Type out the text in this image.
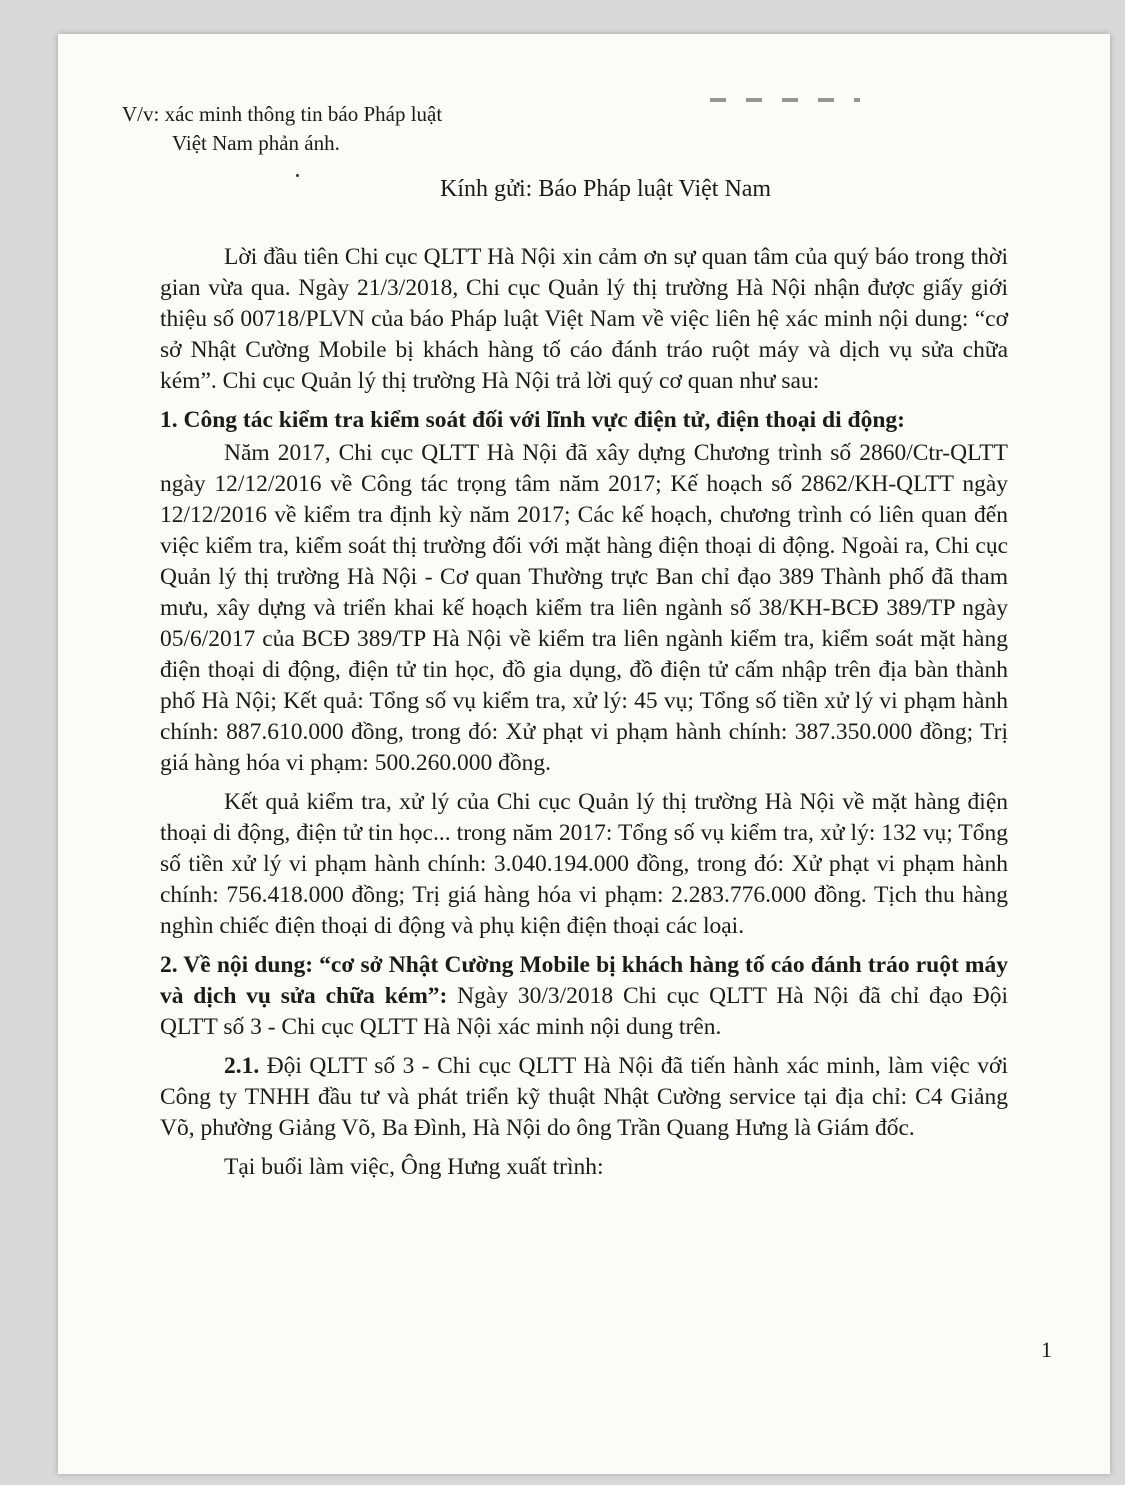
V/v: xác minh thông tin báo Pháp luật
Việt Nam phản ánh.
Kính gửi: Báo Pháp luật Việt Nam

Lời đầu tiên Chi cục QLTT Hà Nội xin cảm ơn sự quan tâm của quý báo trong thời gian vừa qua. Ngày 21/3/2018, Chi cục Quản lý thị trường Hà Nội nhận được giấy giới thiệu số 00718/PLVN của báo Pháp luật Việt Nam về việc liên hệ xác minh nội dung: “cơ sở Nhật Cường Mobile bị khách hàng tố cáo đánh tráo ruột máy và dịch vụ sửa chữa kém”. Chi cục Quản lý thị trường Hà Nội trả lời quý cơ quan như sau:

1. Công tác kiểm tra kiểm soát đối với lĩnh vực điện tử, điện thoại di động:

Năm 2017, Chi cục QLTT Hà Nội đã xây dựng Chương trình số 2860/Ctr-QLTT ngày 12/12/2016 về Công tác trọng tâm năm 2017; Kế hoạch số 2862/KH-QLTT ngày 12/12/2016 về kiểm tra định kỳ năm 2017; Các kế hoạch, chương trình có liên quan đến việc kiểm tra, kiểm soát thị trường đối với mặt hàng điện thoại di động. Ngoài ra, Chi cục Quản lý thị trường Hà Nội - Cơ quan Thường trực Ban chỉ đạo 389 Thành phố đã tham mưu, xây dựng và triển khai kế hoạch kiểm tra liên ngành số 38/KH-BCĐ 389/TP ngày 05/6/2017 của BCĐ 389/TP Hà Nội về kiểm tra liên ngành kiểm tra, kiểm soát mặt hàng điện thoại di động, điện tử tin học, đồ gia dụng, đồ điện tử cấm nhập trên địa bàn thành phố Hà Nội; Kết quả: Tổng số vụ kiểm tra, xử lý: 45 vụ; Tổng số tiền xử lý vi phạm hành chính: 887.610.000 đồng, trong đó: Xử phạt vi phạm hành chính: 387.350.000 đồng; Trị giá hàng hóa vi phạm: 500.260.000 đồng.

Kết quả kiểm tra, xử lý của Chi cục Quản lý thị trường Hà Nội về mặt hàng điện thoại di động, điện tử tin học... trong năm 2017: Tổng số vụ kiểm tra, xử lý: 132 vụ; Tổng số tiền xử lý vi phạm hành chính: 3.040.194.000 đồng, trong đó: Xử phạt vi phạm hành chính: 756.418.000 đồng; Trị giá hàng hóa vi phạm: 2.283.776.000 đồng. Tịch thu hàng nghìn chiếc điện thoại di động và phụ kiện điện thoại các loại.

2. Về nội dung: “cơ sở Nhật Cường Mobile bị khách hàng tố cáo đánh tráo ruột máy và dịch vụ sửa chữa kém”: Ngày 30/3/2018 Chi cục QLTT Hà Nội đã chỉ đạo Đội QLTT số 3 - Chi cục QLTT Hà Nội xác minh nội dung trên.

2.1. Đội QLTT số 3 - Chi cục QLTT Hà Nội đã tiến hành xác minh, làm việc với Công ty TNHH đầu tư và phát triển kỹ thuật Nhật Cường service tại địa chỉ: C4 Giảng Võ, phường Giảng Võ, Ba Đình, Hà Nội do ông Trần Quang Hưng là Giám đốc.

Tại buổi làm việc, Ông Hưng xuất trình:

1
